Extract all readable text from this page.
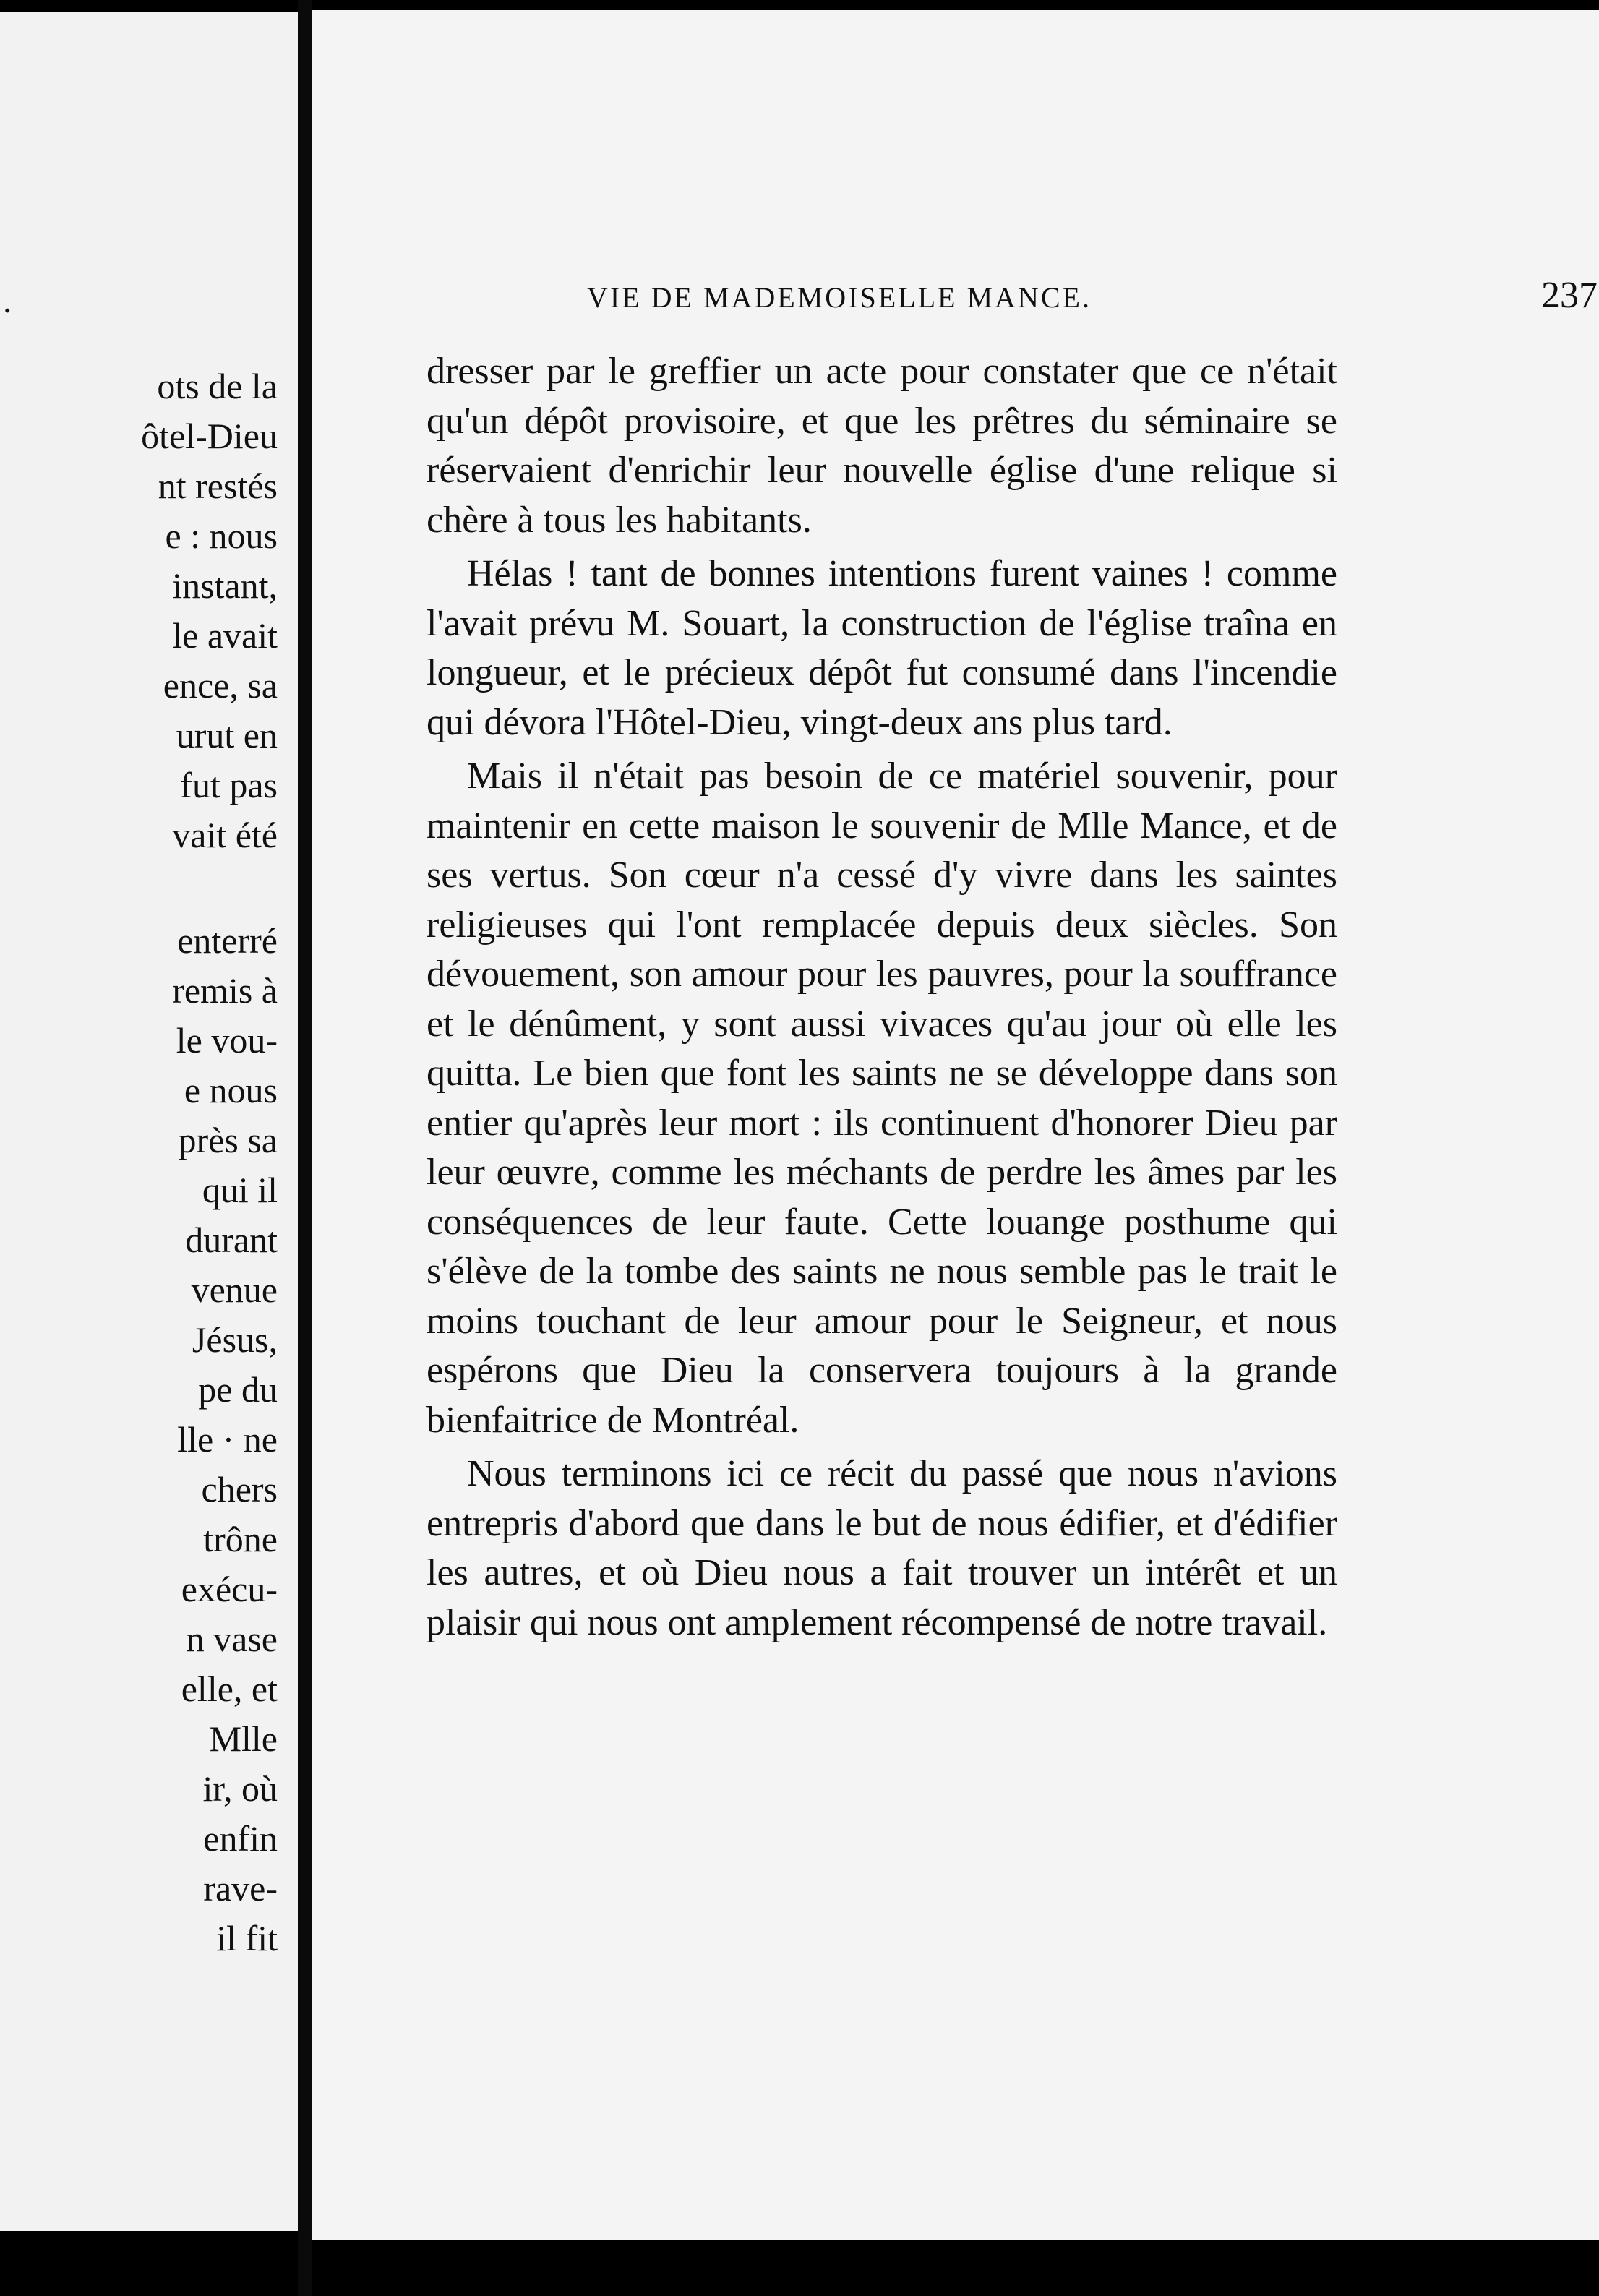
.
ots de la
ôtel-Dieu
nt restés
e : nous
instant,
le avait
ence, sa
urut en
fut pas
vait été
enterré
remis à
le vou-
e nous
près sa
qui il
durant
venue
Jésus,
pe du
lle · ne
chers
trône
exécu-
n vase
elle, et
Mlle
ir, où
enfin
rave-
il fit
VIE DE MADEMOISELLE MANCE.	237

dresser par le greffier un acte pour constater que ce n'était qu'un dépôt provisoire, et que les prêtres du séminaire se réservaient d'enrichir leur nouvelle église d'une relique si chère à tous les habitants.

Hélas ! tant de bonnes intentions furent vaines ! comme l'avait prévu M. Souart, la construction de l'église traîna en longueur, et le précieux dépôt fut consumé dans l'incendie qui dévora l'Hôtel-Dieu, vingt-deux ans plus tard.

Mais il n'était pas besoin de ce matériel souvenir, pour maintenir en cette maison le souvenir de Mlle Mance, et de ses vertus. Son cœur n'a cessé d'y vivre dans les saintes religieuses qui l'ont remplacée depuis deux siècles. Son dévouement, son amour pour les pauvres, pour la souffrance et le dénûment, y sont aussi vivaces qu'au jour où elle les quitta. Le bien que font les saints ne se développe dans son entier qu'après leur mort : ils continuent d'honorer Dieu par leur œuvre, comme les méchants de perdre les âmes par les conséquences de leur faute. Cette louange posthume qui s'élève de la tombe des saints ne nous semble pas le trait le moins touchant de leur amour pour le Seigneur, et nous espérons que Dieu la conservera toujours à la grande bienfaitrice de Montréal.

Nous terminons ici ce récit du passé que nous n'avions entrepris d'abord que dans le but de nous édifier, et d'édifier les autres, et où Dieu nous a fait trouver un intérêt et un plaisir qui nous ont amplement récompensé de notre travail.
